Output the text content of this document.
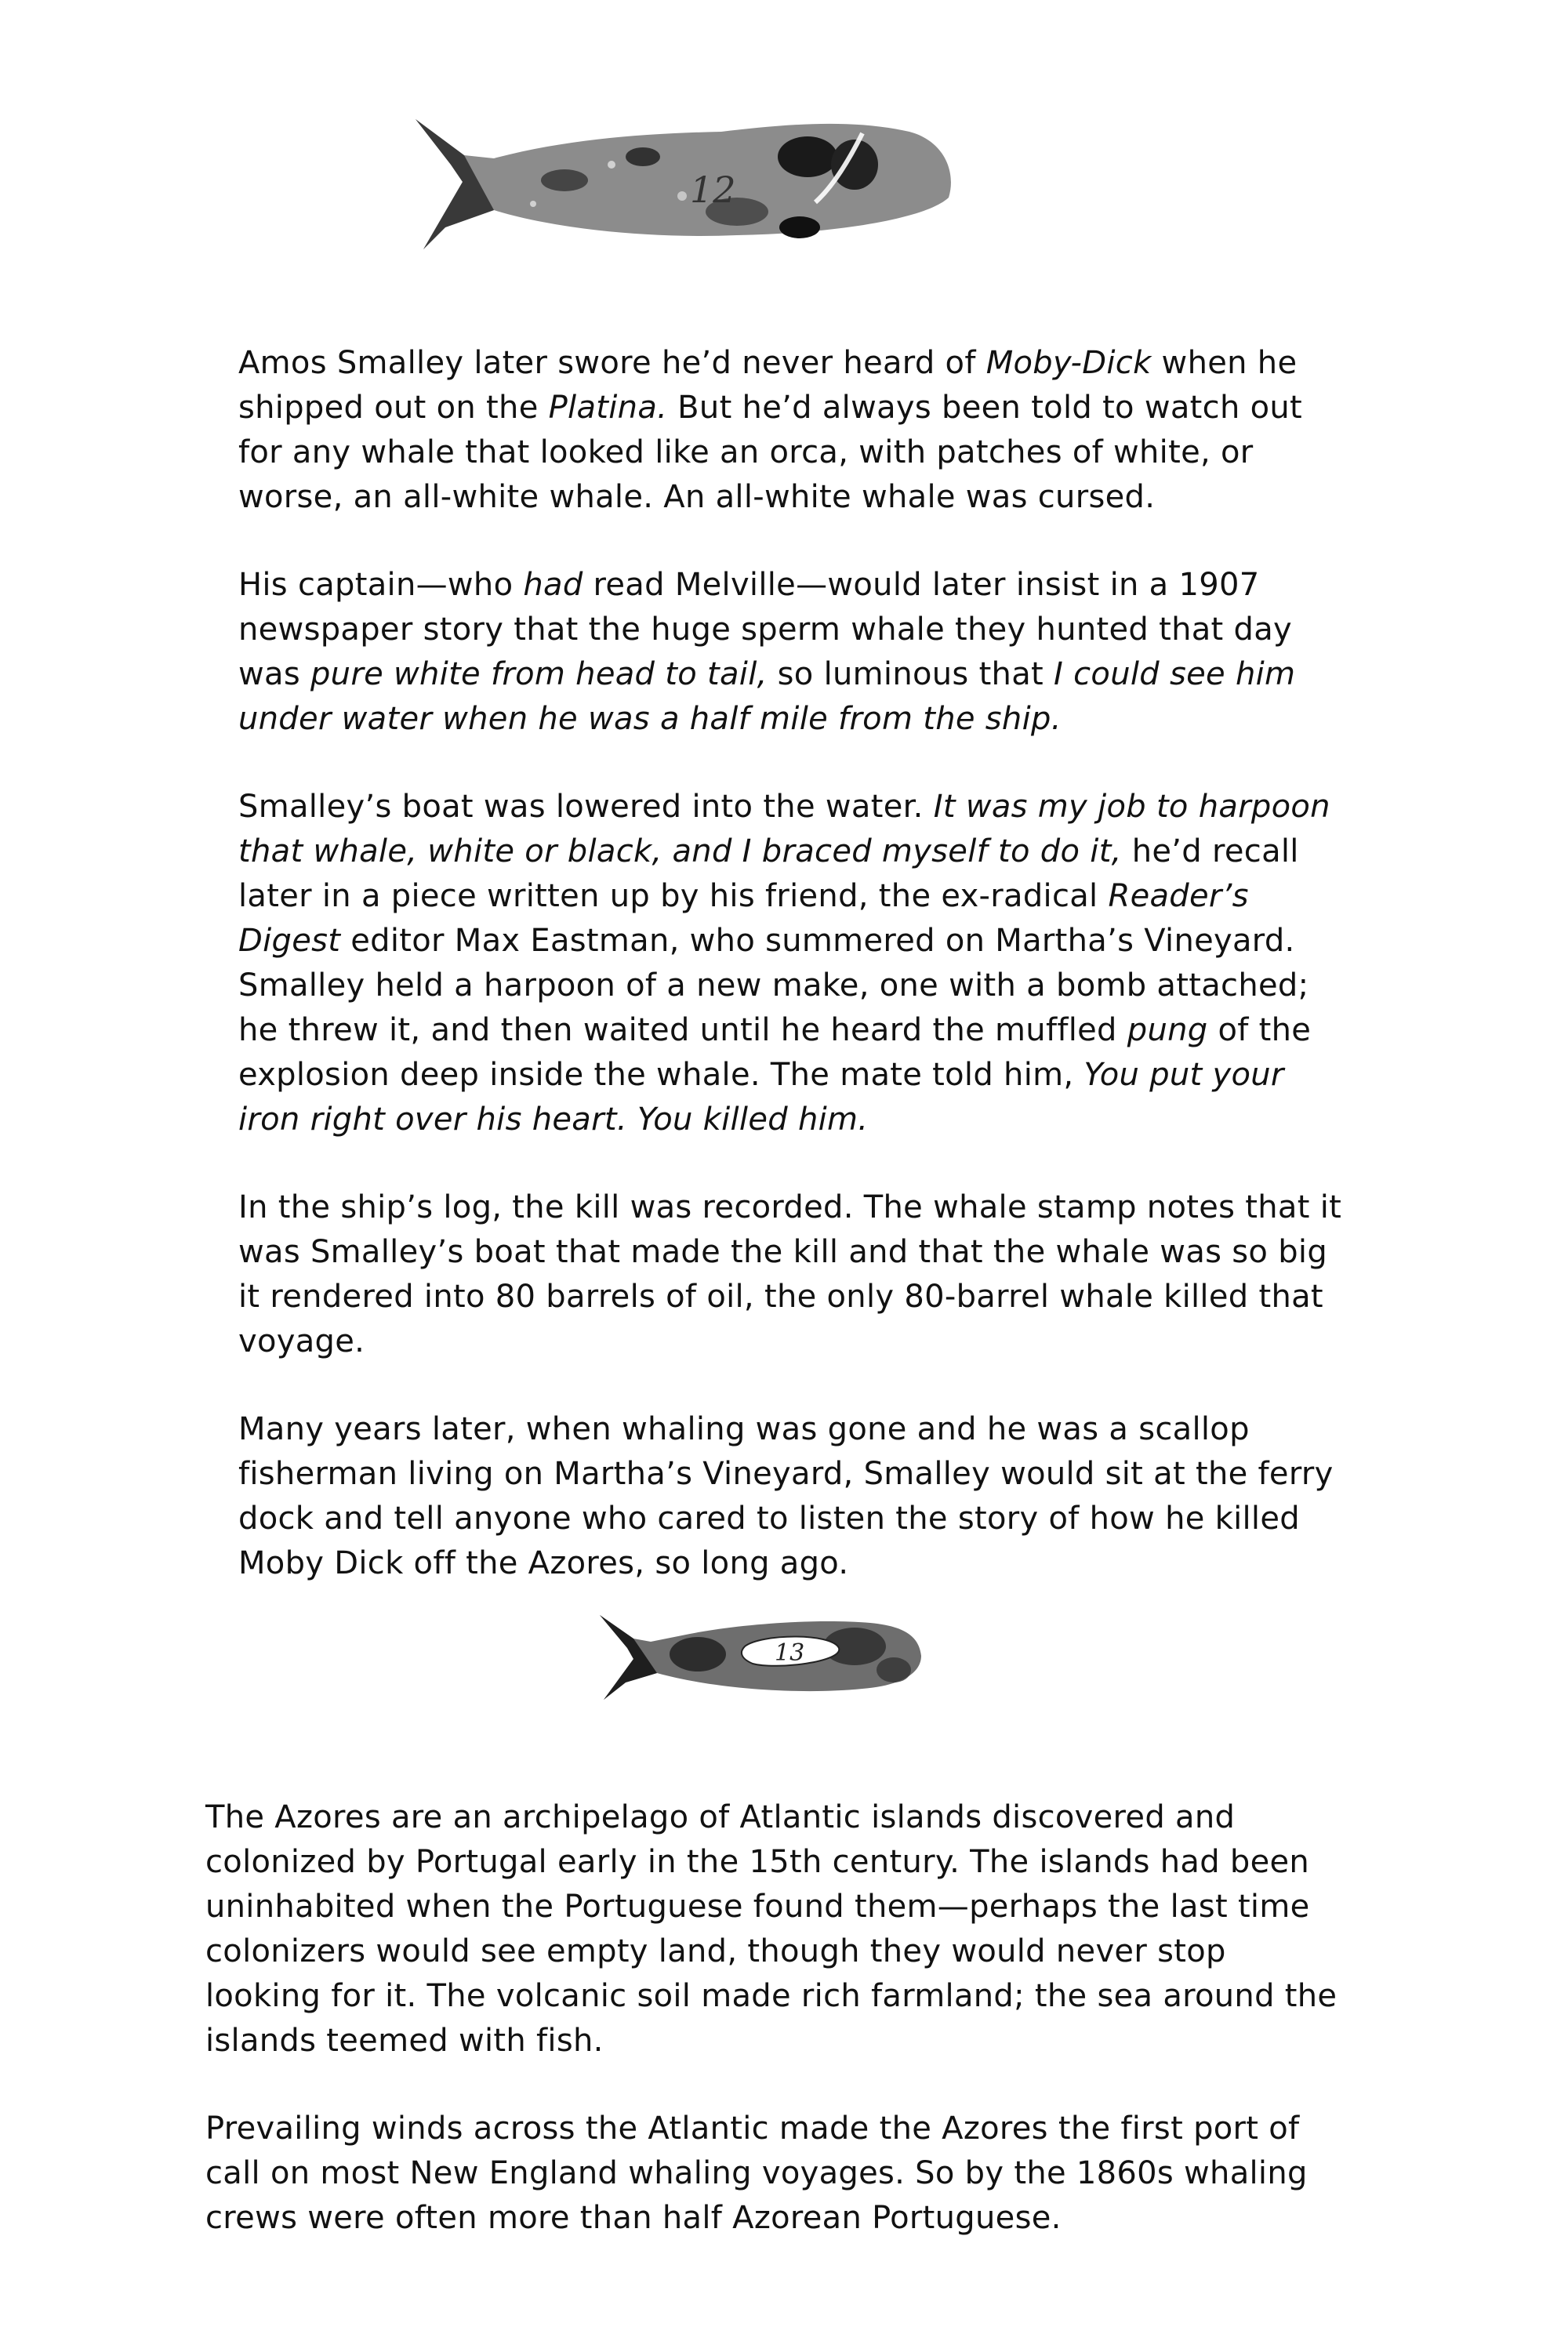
12

Amos Smalley later swore he’d never heard of Moby-Dick when he shipped out on the Platina. But he’d always been told to watch out for any whale that looked like an orca, with patches of white, or worse, an all-white whale. An all-white whale was cursed.

His captain—who had read Melville—would later insist in a 1907 newspaper story that the huge sperm whale they hunted that day was pure white from head to tail, so luminous that I could see him under water when he was a half mile from the ship.

Smalley’s boat was lowered into the water. It was my job to harpoon that whale, white or black, and I braced myself to do it, he’d recall later in a piece written up by his friend, the ex-radical Reader’s Digest editor Max Eastman, who summered on Martha’s Vineyard. Smalley held a harpoon of a new make, one with a bomb attached; he threw it, and then waited until he heard the muffled pung of the explosion deep inside the whale. The mate told him, You put your iron right over his heart. You killed him.

In the ship’s log, the kill was recorded. The whale stamp notes that it was Smalley’s boat that made the kill and that the whale was so big it rendered into 80 barrels of oil, the only 80-barrel whale killed that voyage.

Many years later, when whaling was gone and he was a scallop fisherman living on Martha’s Vineyard, Smalley would sit at the ferry dock and tell anyone who cared to listen the story of how he killed Moby Dick off the Azores, so long ago.

13

The Azores are an archipelago of Atlantic islands discovered and colonized by Portugal early in the 15th century. The islands had been uninhabited when the Portuguese found them—perhaps the last time colonizers would see empty land, though they would never stop looking for it. The volcanic soil made rich farmland; the sea around the islands teemed with fish.

Prevailing winds across the Atlantic made the Azores the first port of call on most New England whaling voyages. So by the 1860s whaling crews were often more than half Azorean Portuguese.
